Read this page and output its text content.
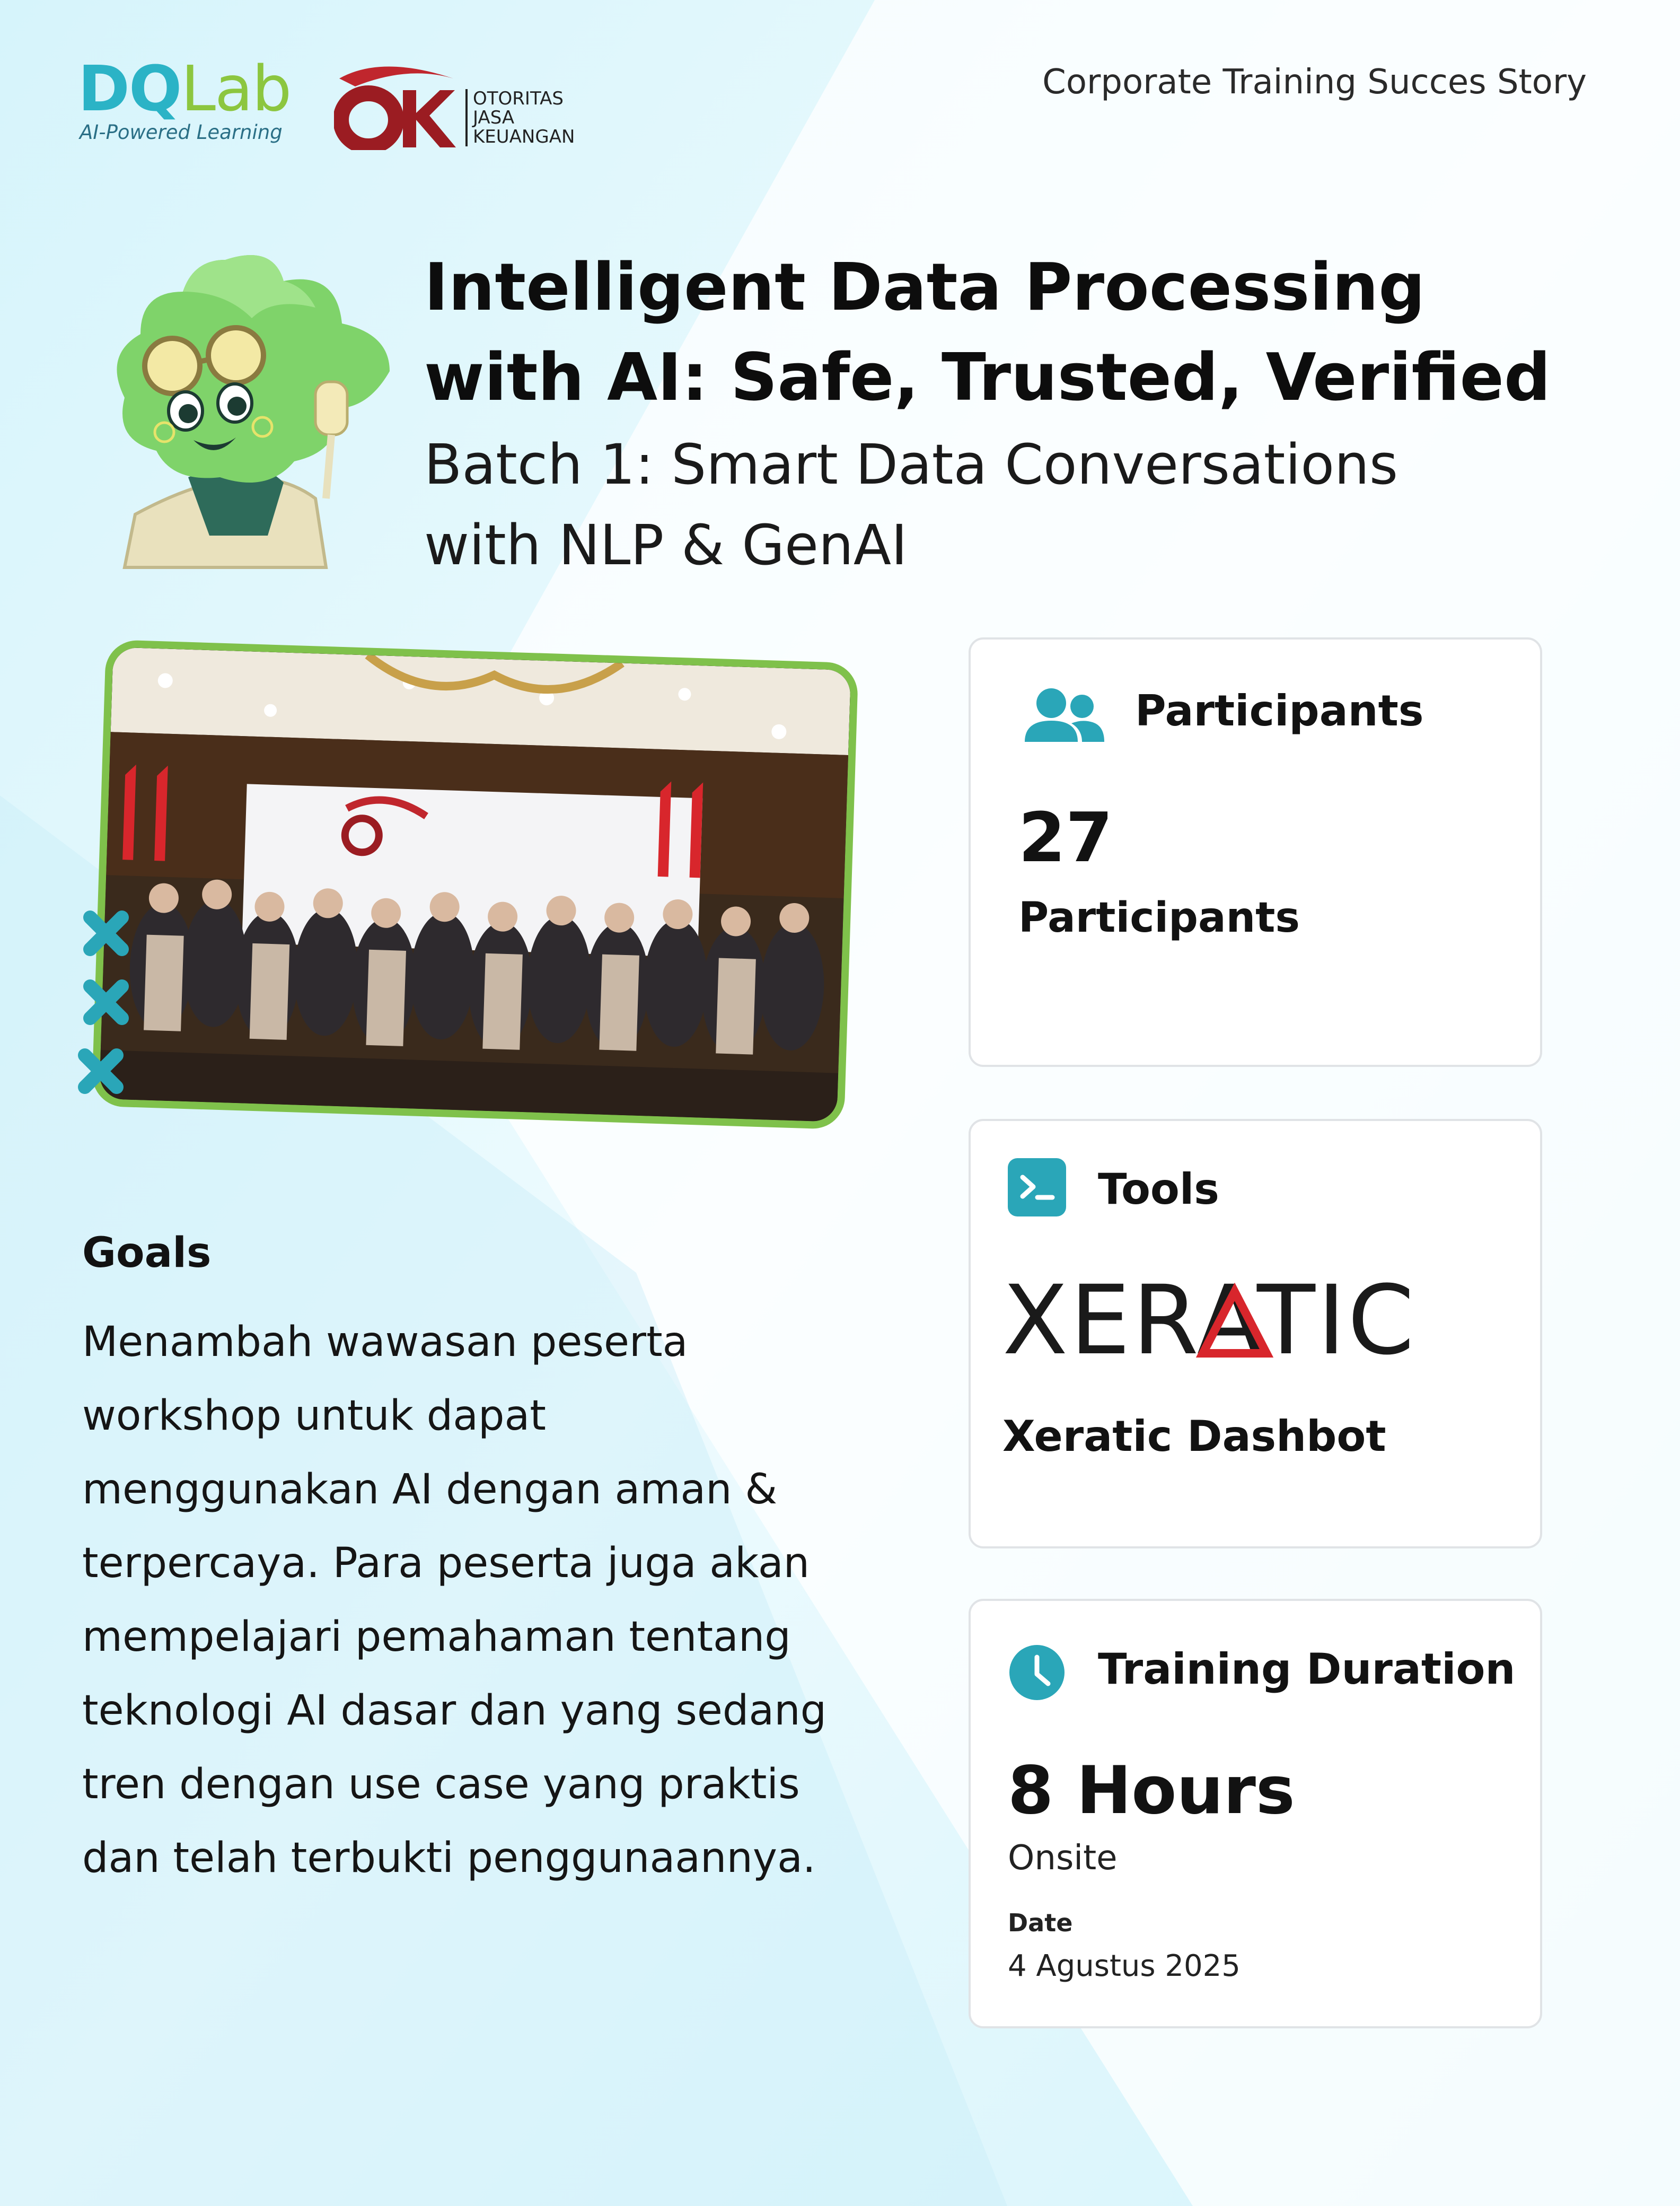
DQLab
AI-Powered Learning
OTORITAS
JASA
KEUANGAN
Corporate Training Succes Story
Intelligent Data Processing
with AI: Safe, Trusted, Verified

Batch 1: Smart Data Conversations
with NLP & GenAI

Goals
Menambah wawasan peserta
workshop untuk dapat
menggunakan AI dengan aman &
terpercaya. Para peserta juga akan
mempelajari pemahaman tentang
teknologi AI dasar dan yang sedang
tren dengan use case yang praktis
dan telah terbukti penggunaannya.
Participants
27
Participants
Tools
XERATIC
Xeratic Dashbot
Training Duration
8 Hours
Onsite
Date
4 Agustus 2025
